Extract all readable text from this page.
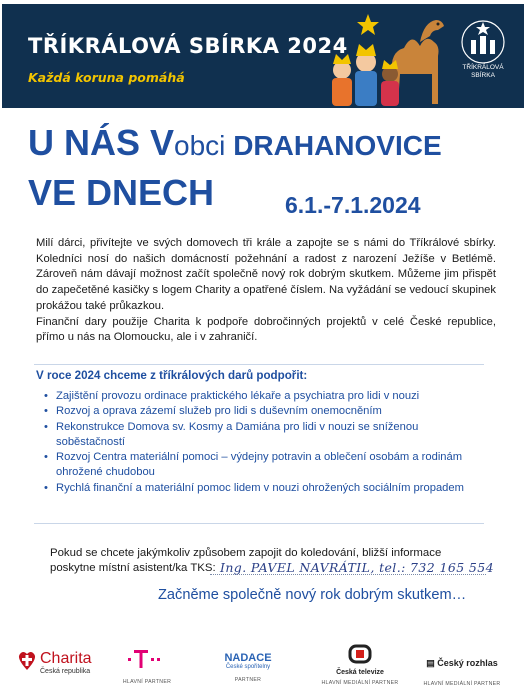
TŘÍKRÁLOVÁ SBÍRKA 2024
Každá koruna pomáhá
TŘÍKRÁLOVÁ
SBÍRKA
U NÁS Vobci DRAHANOVICE
VE DNECH	6.1.-7.1.2024

Milí dárci, přivítejte ve svých domovech tři krále a zapojte se s námi do Tříkrálové sbírky. Koledníci nosí do našich domácností požehnání a radost z narození Ježíše v Betlémě. Zároveň nám dávají možnost začít společně nový rok dobrým skutkem. Můžeme jim přispět do zapečetěné kasičky s logem Charity a opatřené číslem. Na vyžádání se vedoucí skupinek prokážou také průkazkou.

Finanční dary použije Charita k podpoře dobročinných projektů v celé České republice, přímo u nás na Olomoucku, ale i v zahraničí.

V roce 2024 chceme z tříkrálových darů podpořit:
• Zajištění provozu ordinace praktického lékaře a psychiatra pro lidi v nouzi
• Rozvoj a oprava zázemí služeb pro lidi s duševním onemocněním
• Rekonstrukce Domova sv. Kosmy a Damiána pro lidi v nouzi se sníženou soběstačností
• Rozvoj Centra materiální pomoci – výdejny potravin a oblečení osobám a rodinám ohrožené chudobou
• Rychlá finanční a materiální pomoc lidem v nouzi ohrožených sociálním propadem
Pokud se chcete jakýmkoliv způsobem zapojit do koledování, bližší informace
poskytne místní asistent/ka TKS: Ing. PAVEL NAVRÁTIL, tel.: 732 165 554
Začněme společně nový rok dobrým skutkem…
Charita
Česká republika
HLAVNÍ PARTNER
NADACE
České spořitelny
PARTNER
Česká televize
HLAVNÍ MEDIÁLNÍ PARTNER
▤ Český rozhlas
HLAVNÍ MEDIÁLNÍ PARTNER
